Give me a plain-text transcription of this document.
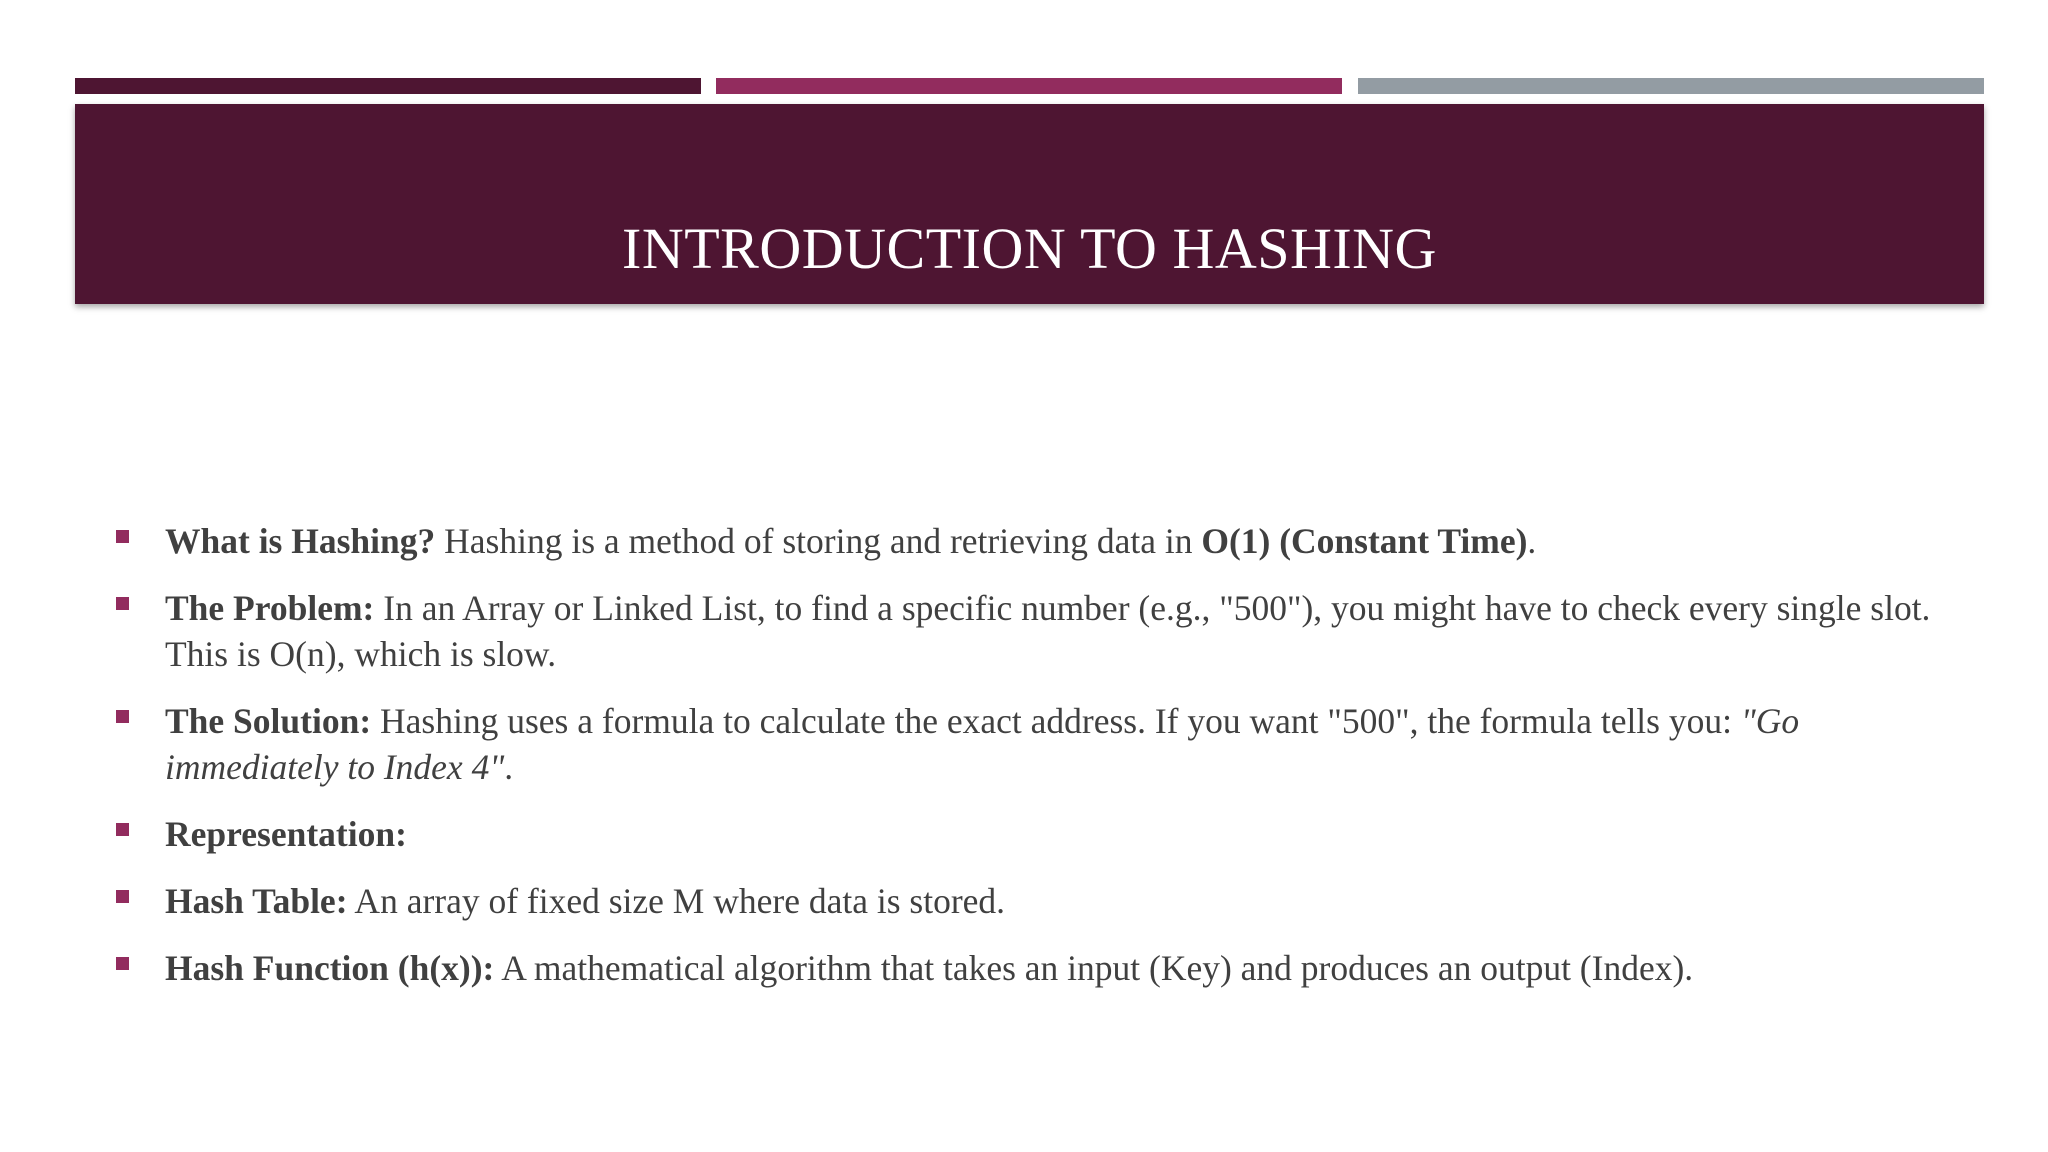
INTRODUCTION TO HASHING
What is Hashing? Hashing is a method of storing and retrieving data in O(1) (Constant Time).
The Problem: In an Array or Linked List, to find a specific number (e.g., "500"), you might have to check every single slot. This is O(n), which is slow.
The Solution: Hashing uses a formula to calculate the exact address. If you want "500", the formula tells you: "Go immediately to Index 4".
Representation:
Hash Table: An array of fixed size M where data is stored.
Hash Function (h(x)): A mathematical algorithm that takes an input (Key) and produces an output (Index).
